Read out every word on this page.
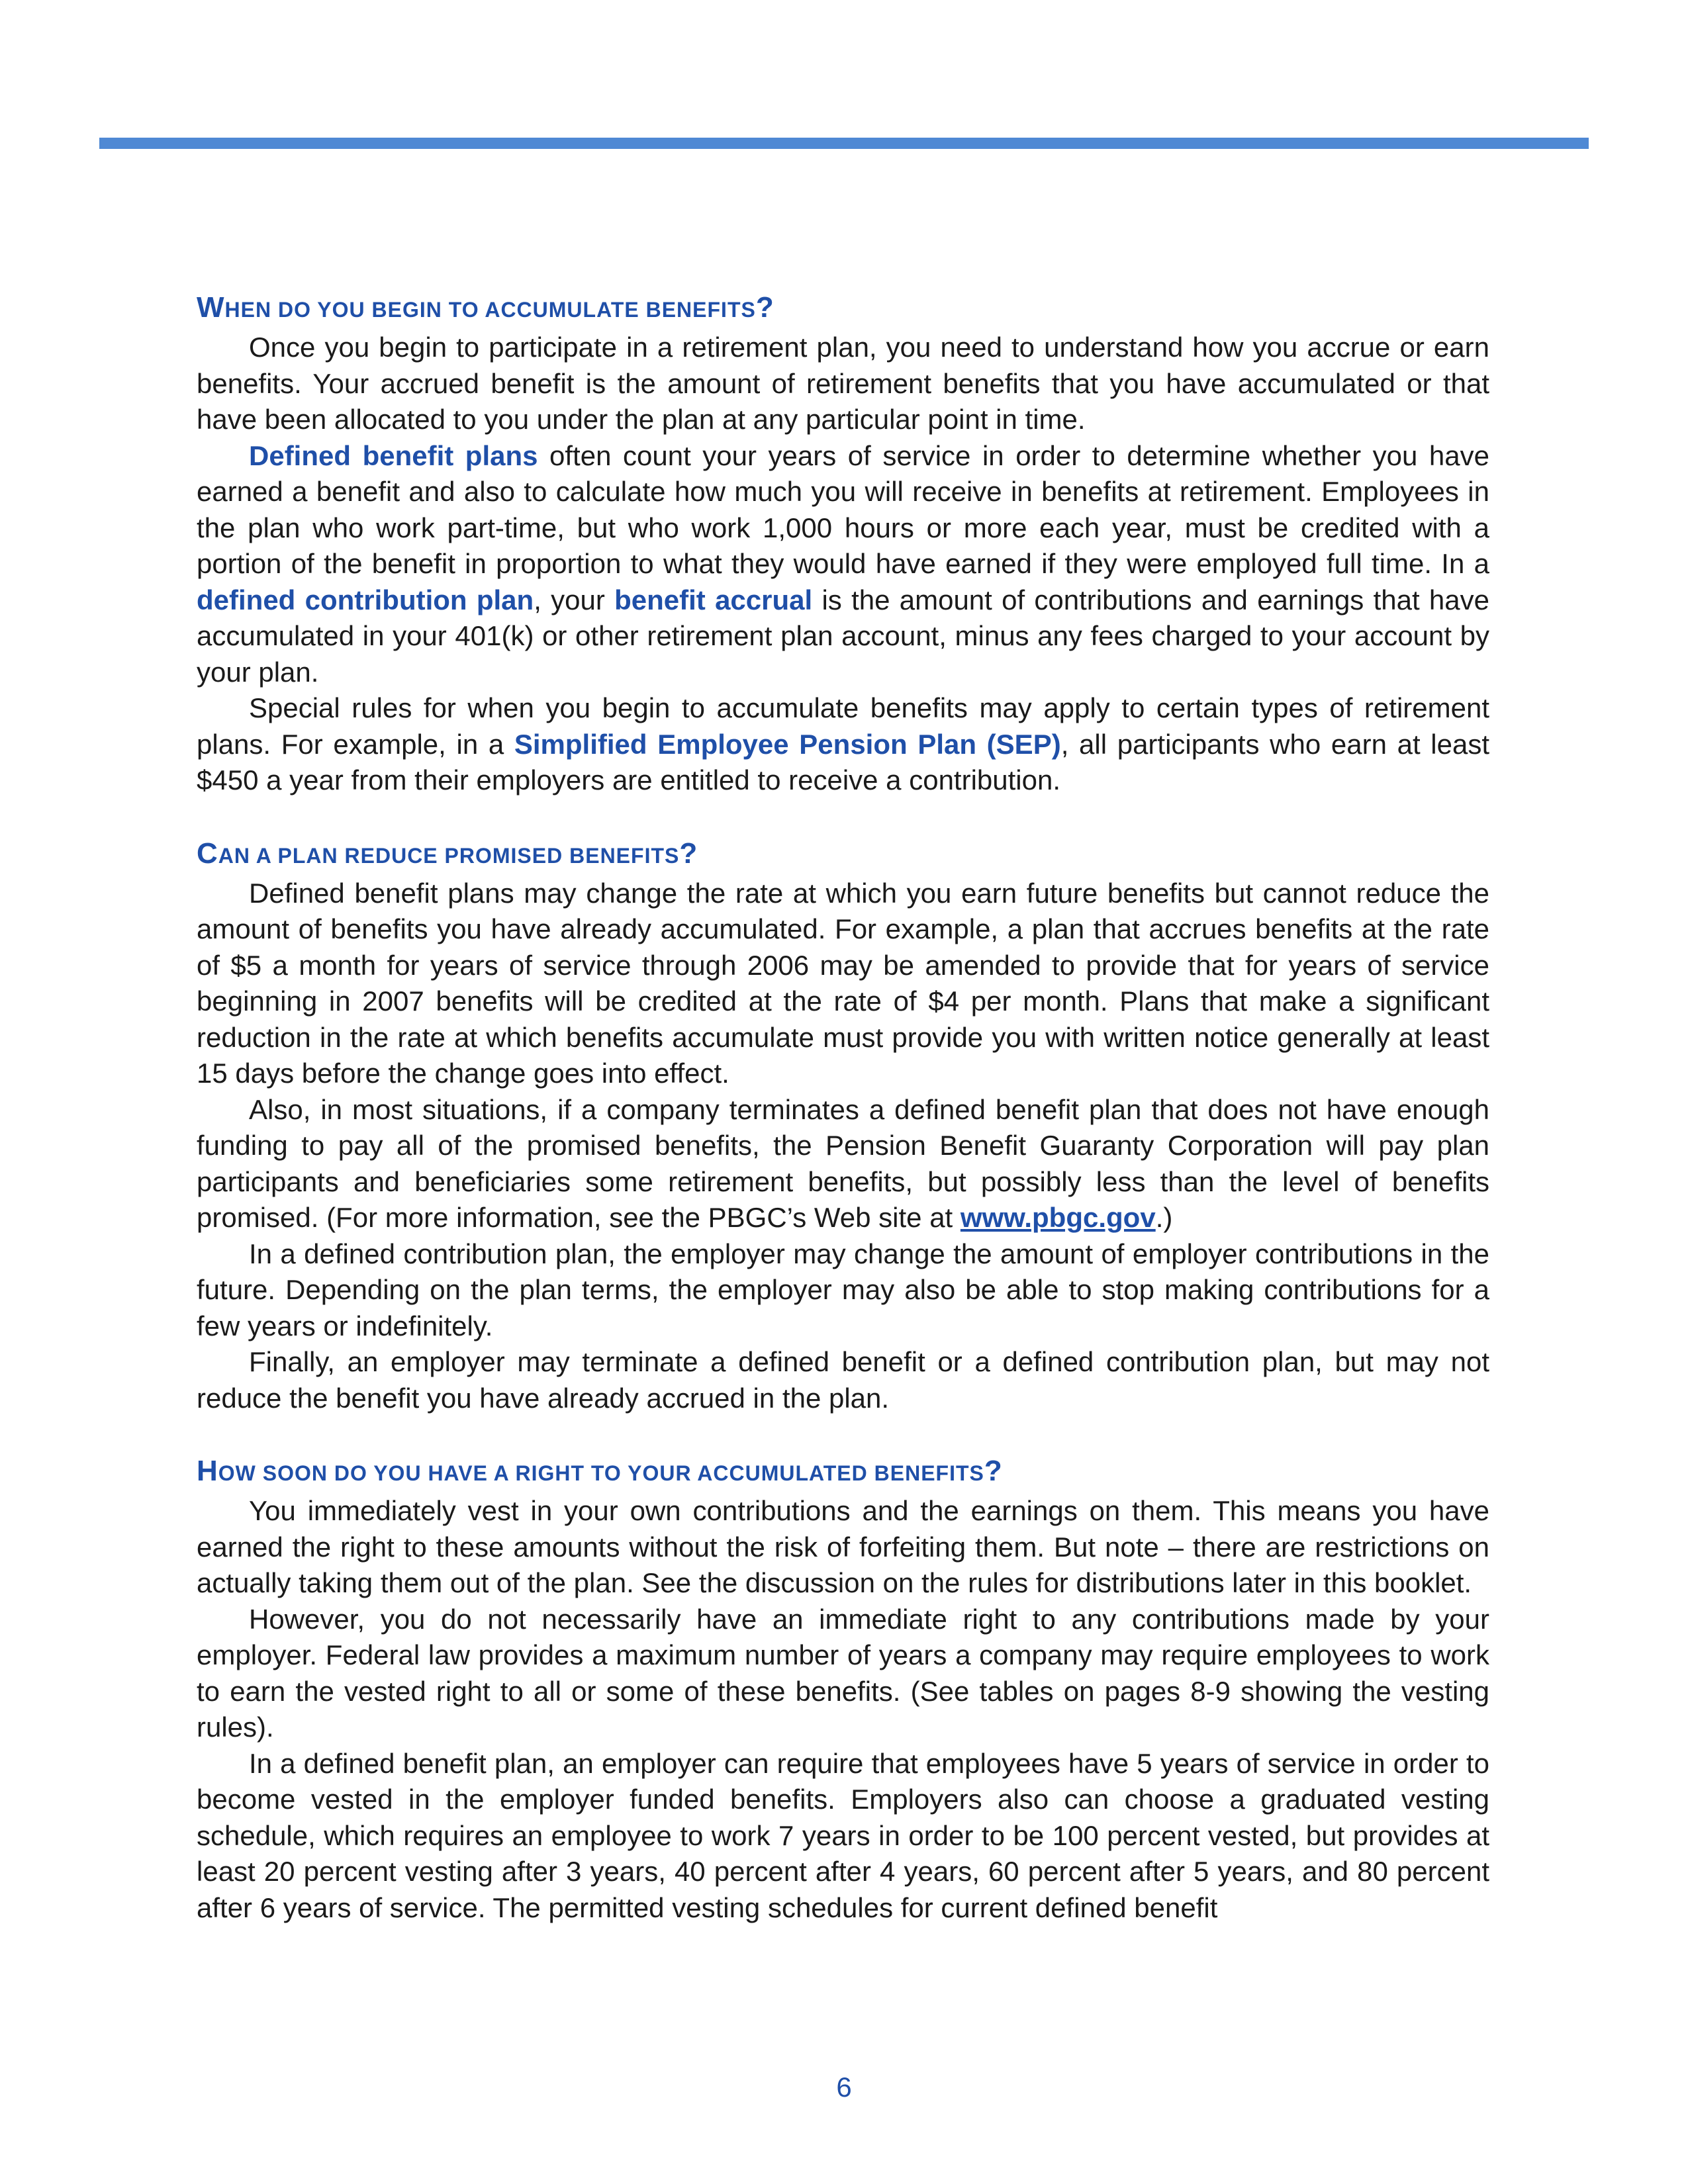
WHEN DO YOU BEGIN TO ACCUMULATE BENEFITS?

Once you begin to participate in a retirement plan, you need to understand how you accrue or earn benefits. Your accrued benefit is the amount of retirement benefits that you have accumulated or that have been allocated to you under the plan at any particular point in time.

Defined benefit plans often count your years of service in order to determine whether you have earned a benefit and also to calculate how much you will receive in benefits at retirement. Employees in the plan who work part-time, but who work 1,000 hours or more each year, must be credited with a portion of the benefit in proportion to what they would have earned if they were employed full time. In a defined contribution plan, your benefit accrual is the amount of contributions and earnings that have accumulated in your 401(k) or other retirement plan account, minus any fees charged to your account by your plan.

Special rules for when you begin to accumulate benefits may apply to certain types of retirement plans. For example, in a Simplified Employee Pension Plan (SEP), all participants who earn at least $450 a year from their employers are entitled to receive a contribution.

CAN A PLAN REDUCE PROMISED BENEFITS?

Defined benefit plans may change the rate at which you earn future benefits but cannot reduce the amount of benefits you have already accumulated. For example, a plan that accrues benefits at the rate of $5 a month for years of service through 2006 may be amended to provide that for years of service beginning in 2007 benefits will be credited at the rate of $4 per month. Plans that make a significant reduction in the rate at which benefits accumulate must provide you with written notice generally at least 15 days before the change goes into effect.

Also, in most situations, if a company terminates a defined benefit plan that does not have enough funding to pay all of the promised benefits, the Pension Benefit Guaranty Corporation will pay plan participants and beneficiaries some retirement benefits, but possibly less than the level of benefits promised. (For more information, see the PBGC’s Web site at www.pbgc.gov.)

In a defined contribution plan, the employer may change the amount of employer contributions in the future. Depending on the plan terms, the employer may also be able to stop making contributions for a few years or indefinitely.

Finally, an employer may terminate a defined benefit or a defined contribution plan, but may not reduce the benefit you have already accrued in the plan.

HOW SOON DO YOU HAVE A RIGHT TO YOUR ACCUMULATED BENEFITS?

You immediately vest in your own contributions and the earnings on them. This means you have earned the right to these amounts without the risk of forfeiting them. But note – there are restrictions on actually taking them out of the plan. See the discussion on the rules for distributions later in this booklet.

However, you do not necessarily have an immediate right to any contributions made by your employer. Federal law provides a maximum number of years a company may require employees to work to earn the vested right to all or some of these benefits. (See tables on pages 8-9 showing the vesting rules).

In a defined benefit plan, an employer can require that employees have 5 years of service in order to become vested in the employer funded benefits. Employers also can choose a graduated vesting schedule, which requires an employee to work 7 years in order to be 100 percent vested, but provides at least 20 percent vesting after 3 years, 40 percent after 4 years, 60 percent after 5 years, and 80 percent after 6 years of service. The permitted vesting schedules for current defined benefit

6
